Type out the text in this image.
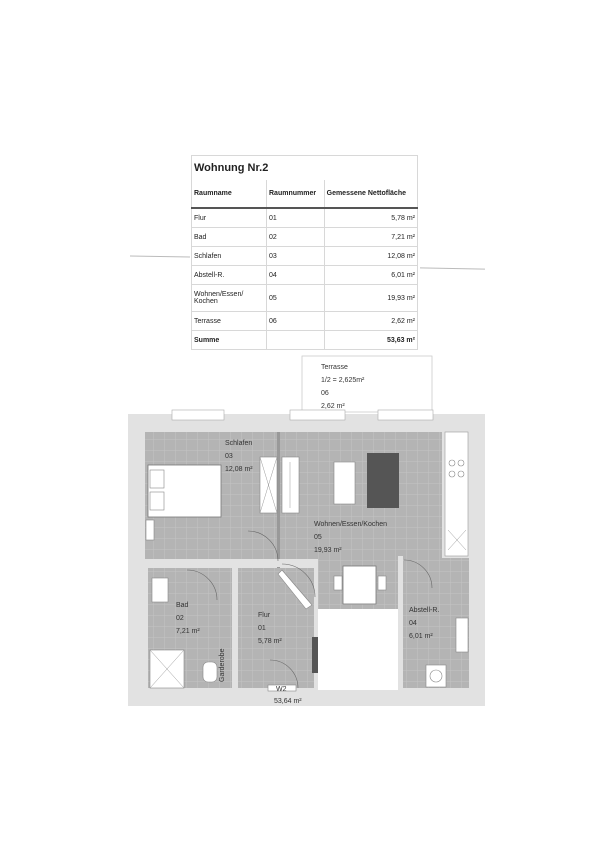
Wohnung Nr.2		
Raumname	Raumnummer	Gemessene Nettofläche
Flur	01	5,78 m²
Bad	02	7,21 m²
Schlafen	03	12,08 m²
Abstell-R.	04	6,01 m²
Wohnen/Essen/ Kochen	05	19,93 m²
Terrasse	06	2,62 m²
Summe		53,63 m²
Terrasse
1/2 = 2,625m²
06
2,62 m²
Schlafen
03
12,08 m²
Wohnen/Essen/Kochen
05
19,93 m²
Bad
02
7,21 m²
Flur
01
5,78 m²
Abstell-R.
04
6,01 m²
Garderobe
W2
53,64 m²
